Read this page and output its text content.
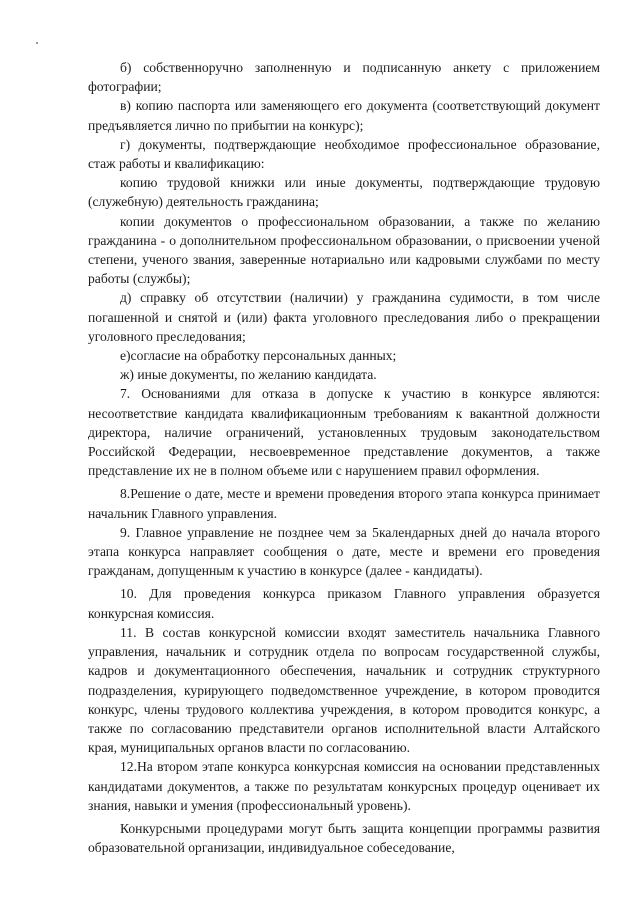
б) собственноручно заполненную и подписанную анкету с приложением фотографии;

в) копию паспорта или заменяющего его документа (соответствующий документ предъявляется лично по прибытии на конкурс);

г) документы, подтверждающие необходимое профессиональное образование, стаж работы и квалификацию:

копию трудовой книжки или иные документы, подтверждающие трудовую (служебную) деятельность гражданина;

копии документов о профессиональном образовании, а также по желанию гражданина - о дополнительном профессиональном образовании, о присвоении ученой степени, ученого звания, заверенные нотариально или кадровыми службами по месту работы (службы);

д) справку об отсутствии (наличии) у гражданина судимости, в том числе погашенной и снятой и (или) факта уголовного преследования либо о прекращении уголовного преследования;

е)согласие на обработку персональных данных;

ж) иные документы, по желанию кандидата.

7. Основаниями для отказа в допуске к участию в конкурсе являются: несоответствие кандидата квалификационным требованиям к вакантной должности директора, наличие ограничений, установленных трудовым законодательством Российской Федерации, несвоевременное представление документов, а также представление их не в полном объеме или с нарушением правил оформления.

8.Решение о дате, месте и времени проведения второго этапа конкурса принимает начальник Главного управления.

9. Главное управление не позднее чем за 5календарных дней до начала второго этапа конкурса направляет сообщения о дате, месте и времени его проведения гражданам, допущенным к участию в конкурсе (далее - кандидаты).

10. Для проведения конкурса приказом Главного управления образуется конкурсная комиссия.

11. В состав конкурсной комиссии входят заместитель начальника Главного управления, начальник и сотрудник отдела по вопросам государственной службы, кадров и документационного обеспечения, начальник и сотрудник структурного подразделения, курирующего подведомственное учреждение, в котором проводится конкурс, члены трудового коллектива учреждения, в котором проводится конкурс, а также по согласованию представители органов исполнительной власти Алтайского края, муниципальных органов власти по согласованию.

12.На втором этапе конкурса конкурсная комиссия на основании представленных кандидатами документов, а также по результатам конкурсных процедур оценивает их знания, навыки и умения (профессиональный уровень).

Конкурсными процедурами могут быть защита концепции программы развития образовательной организации, индивидуальное собеседование,
